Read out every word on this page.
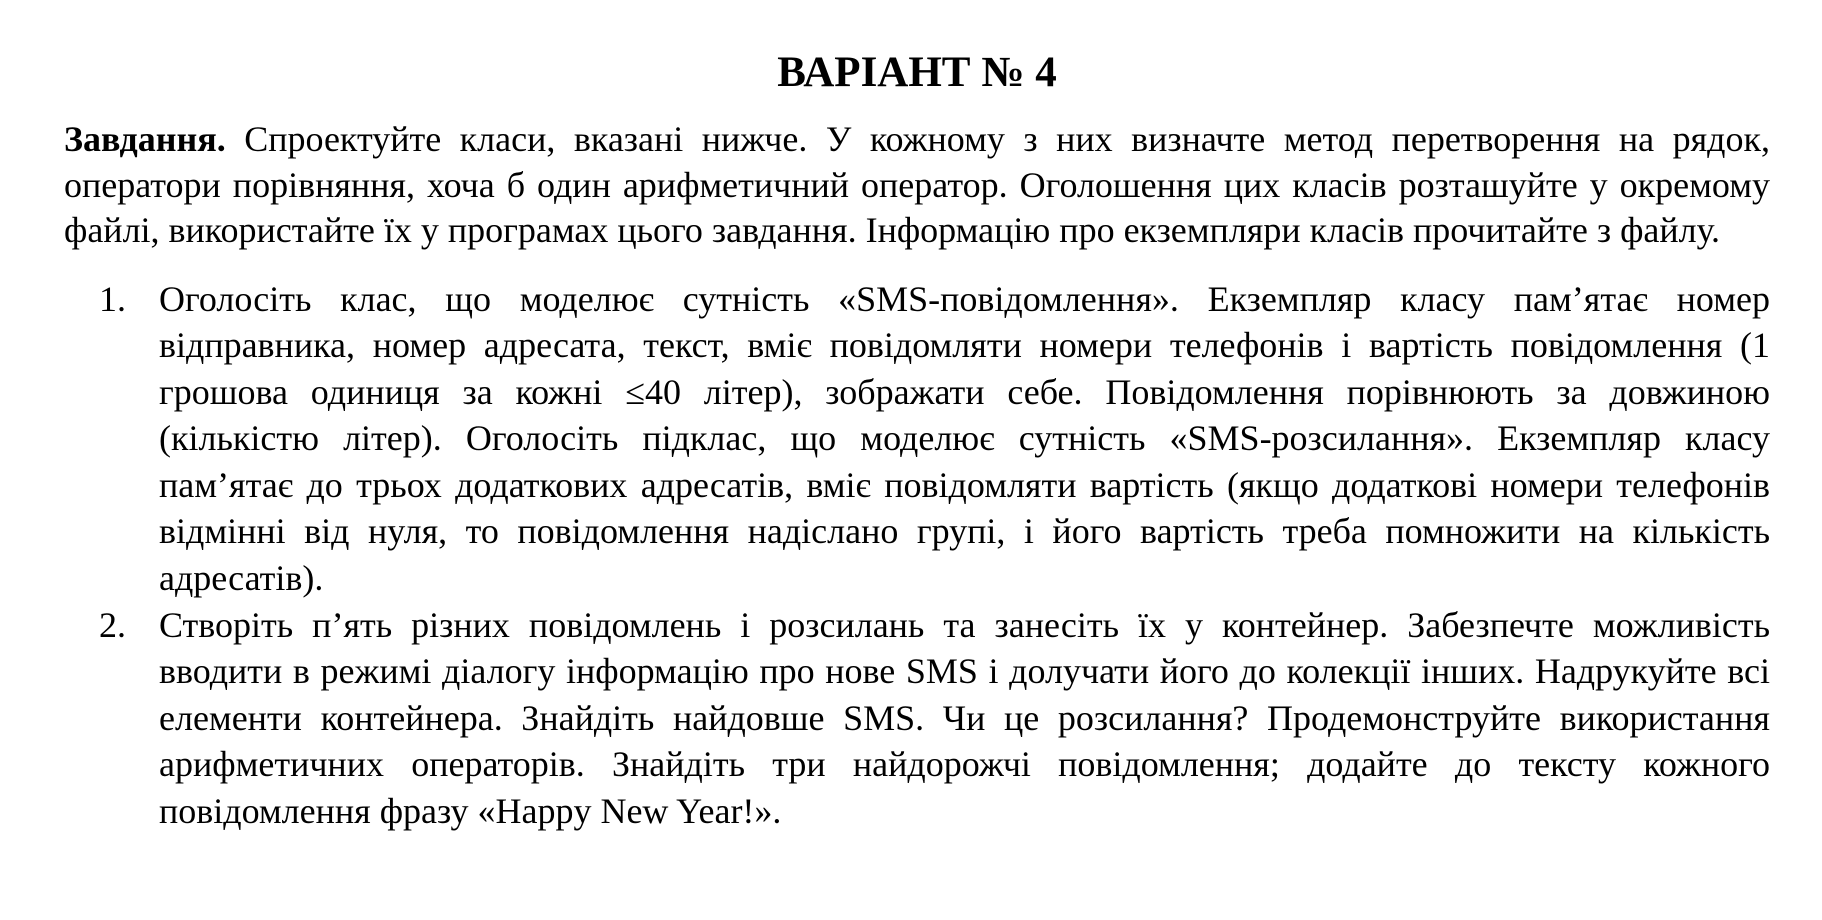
ВАРІАНТ № 4

Завдання. Спроектуйте класи, вказані нижче. У кожному з них визначте метод перетворення на рядок, оператори порівняння, хоча б один арифметичний оператор. Оголошення цих класів розташуйте у окремому файлі, використайте їх у програмах цього завдання. Інформацію про екземпляри класів прочитайте з файлу.

1. Оголосіть клас, що моделює сутність «SMS-повідомлення». Екземпляр класу пам’ятає номер відправника, номер адресата, текст, вміє повідомляти номери телефонів і вартість повідомлення (1 грошова одиниця за кожні ≤40 літер), зображати себе. Повідомлення порівнюють за довжиною (кількістю літер). Оголосіть підклас, що моделює сутність «SMS-розсилання». Екземпляр класу пам’ятає до трьох додаткових адресатів, вміє повідомляти вартість (якщо додаткові номери телефонів відмінні від нуля, то повідомлення надіслано групі, і його вартість треба помножити на кількість адресатів).
2. Створіть п’ять різних повідомлень і розсилань та занесіть їх у контейнер. Забезпечте можливість вводити в режимі діалогу інформацію про нове SMS і долучати його до колекції інших. Надрукуйте всі елементи контейнера. Знайдіть найдовше SMS. Чи це розсилання? Продемонструйте використання арифметичних операторів. Знайдіть три найдорожчі повідомлення; додайте до тексту кожного повідомлення фразу «Happy New Year!».
